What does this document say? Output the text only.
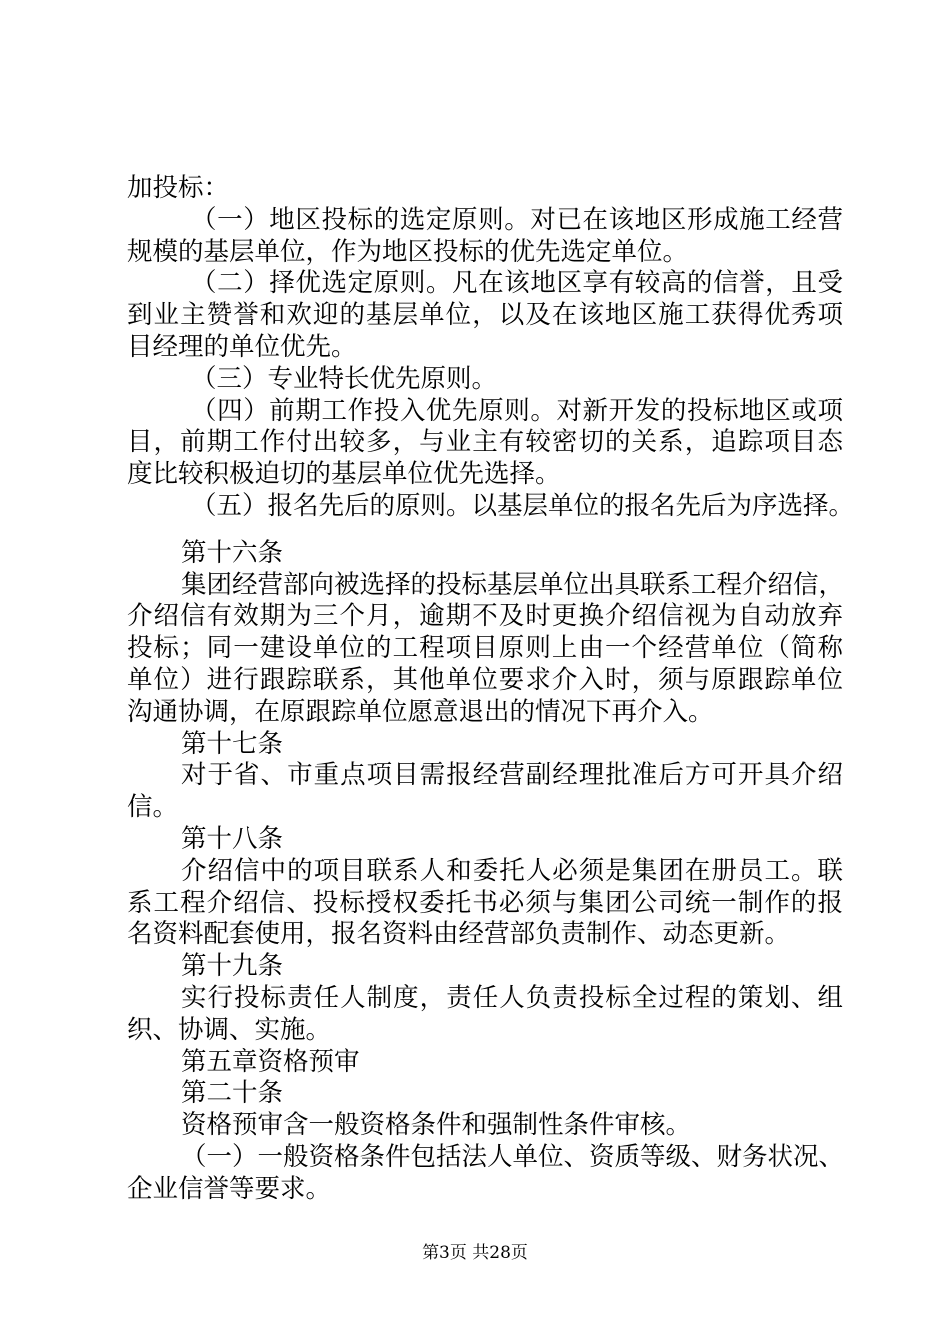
加投标：
（一）地区投标的选定原则。对已在该地区形成施工经营
规模的基层单位，作为地区投标的优先选定单位。
（二）择优选定原则。凡在该地区享有较高的信誉，且受
到业主赞誉和欢迎的基层单位，以及在该地区施工获得优秀项
目经理的单位优先。
（三）专业特长优先原则。
（四）前期工作投入优先原则。对新开发的投标地区或项
目，前期工作付出较多，与业主有较密切的关系，追踪项目态
度比较积极迫切的基层单位优先选择。
（五）报名先后的原则。以基层单位的报名先后为序选择。
第十六条
集团经营部向被选择的投标基层单位出具联系工程介绍信，
介绍信有效期为三个月，逾期不及时更换介绍信视为自动放弃
投标；同一建设单位的工程项目原则上由一个经营单位（简称
单位）进行跟踪联系，其他单位要求介入时，须与原跟踪单位
沟通协调，在原跟踪单位愿意退出的情况下再介入。
第十七条
对于省、市重点项目需报经营副经理批准后方可开具介绍
信。
第十八条
介绍信中的项目联系人和委托人必须是集团在册员工。联
系工程介绍信、投标授权委托书必须与集团公司统一制作的报
名资料配套使用，报名资料由经营部负责制作、动态更新。
第十九条
实行投标责任人制度，责任人负责投标全过程的策划、组
织、协调、实施。
第五章资格预审
第二十条
资格预审含一般资格条件和强制性条件审核。
（一）一般资格条件包括法人单位、资质等级、财务状况、
企业信誉等要求。
第3页 共28页
